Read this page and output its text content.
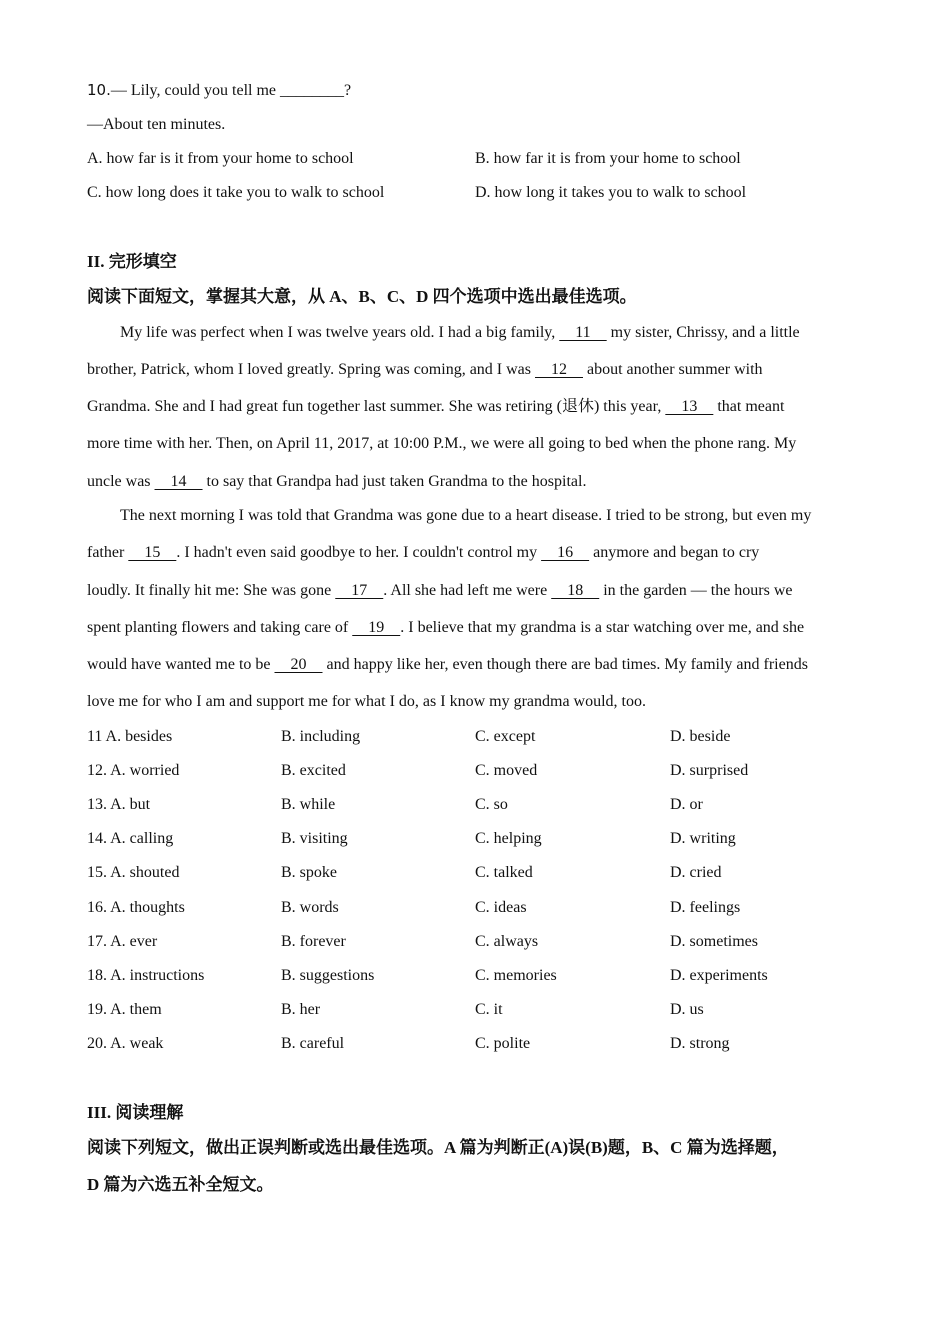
10.— Lily, could you tell me ________?
—About ten minutes.
A. how far is it from your home to school	B. how far it is from your home to school
C. how long does it take you to walk to school	D. how long it takes you to walk to school
II. 完形填空
阅读下面短文，掌握其大意，从 A、B、C、D 四个选项中选出最佳选项。
My life was perfect when I was twelve years old. I had a big family,     11     my sister, Chrissy, and a little
brother, Patrick, whom I loved greatly. Spring was coming, and I was     12     about another summer with
Grandma. She and I had great fun together last summer. She was retiring (退休) this year,     13     that meant
more time with her. Then, on April 11, 2017, at 10:00 P.M., we were all going to bed when the phone rang. My
uncle was     14     to say that Grandpa had just taken Grandma to the hospital.
The next morning I was told that Grandma was gone due to a heart disease. I tried to be strong, but even my
father     15    . I hadn't even said goodbye to her. I couldn't control my     16     anymore and began to cry
loudly. It finally hit me: She was gone     17    . All she had left me were     18     in the garden — the hours we
spent planting flowers and taking care of     19    . I believe that my grandma is a star watching over me, and she
would have wanted me to be     20     and happy like her, even though there are bad times. My family and friends
love me for who I am and support me for what I do, as I know my grandma would, too.
11 A. besides	B. including	C. except	D. beside
12. A. worried	B. excited	C. moved	D. surprised
13. A. but	B. while	C. so	D. or
14. A. calling	B. visiting	C. helping	D. writing
15. A. shouted	B. spoke	C. talked	D. cried
16. A. thoughts	B. words	C. ideas	D. feelings
17. A. ever	B. forever	C. always	D. sometimes
18. A. instructions	B. suggestions	C. memories	D. experiments
19. A. them	B. her	C. it	D. us
20. A. weak	B. careful	C. polite	D. strong
III. 阅读理解
阅读下列短文，做出正误判断或选出最佳选项。A 篇为判断正(A)误(B)题，B、C 篇为选择题，
D 篇为六选五补全短文。
